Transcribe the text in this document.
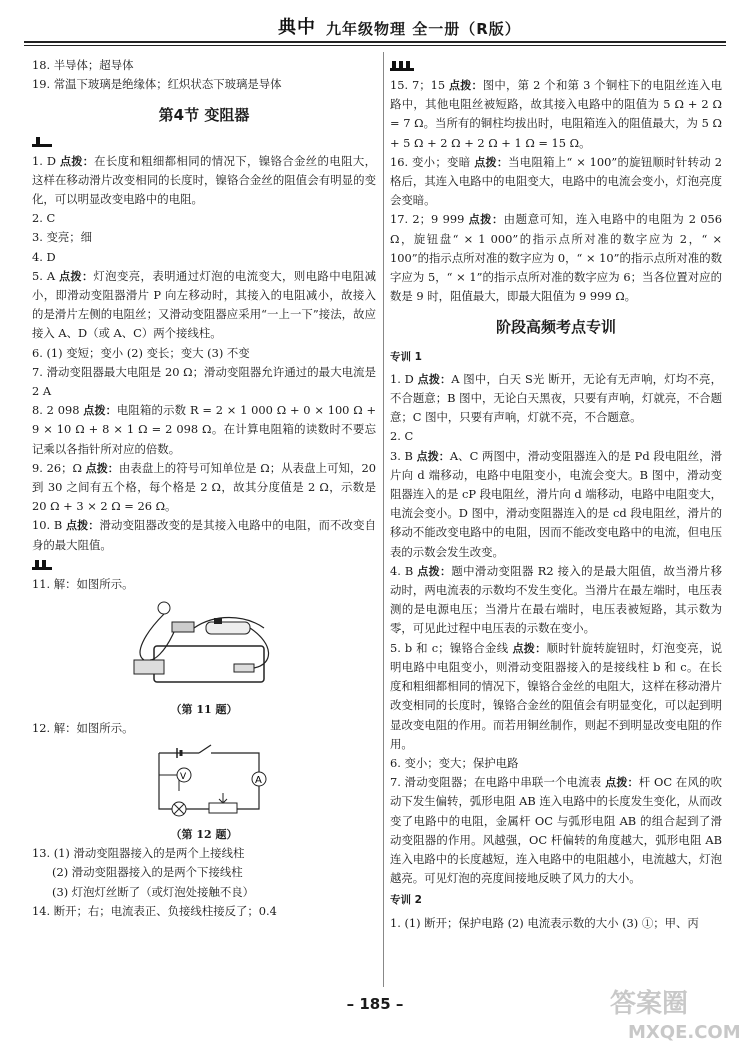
典 中 九年级物理 全一册（R版）

18. 半导体；超导体

19. 常温下玻璃是绝缘体；红炽状态下玻璃是导体

第4节 变阻器

1. D 点拨：在长度和粗细都相同的情况下，镍铬合金丝的电阻大，这样在移动滑片改变相同的长度时，镍铬合金丝的阻值会有明显的变化，可以明显改变电路中的电阻。

2. C

3. 变亮；细

4. D

5. A 点拨：灯泡变亮，表明通过灯泡的电流变大，则电路中电阻减小，即滑动变阻器滑片 P 向左移动时，其接入的电阻减小，故接入的是滑片左侧的电阻丝；又滑动变阻器应采用“一上一下”接法，故应接入 A、D（或 A、C）两个接线柱。

6. (1) 变短；变小 (2) 变长；变大 (3) 不变

7. 滑动变阻器最大电阻是 20 Ω；滑动变阻器允许通过的最大电流是 2 A

8. 2 098 点拨：电阻箱的示数 R = 2 × 1 000 Ω + 0 × 100 Ω + 9 × 10 Ω + 8 × 1 Ω = 2 098 Ω。在计算电阻箱的读数时不要忘记乘以各指针所对应的倍数。

9. 26；Ω 点拨：由表盘上的符号可知单位是 Ω；从表盘上可知，20 到 30 之间有五个格，每个格是 2 Ω，故其分度值是 2 Ω，示数是 20 Ω + 3 × 2 Ω = 26 Ω。

10. B 点拨：滑动变阻器改变的是其接入电路中的电阻，而不改变自身的最大阻值。

11. 解：如图所示。

（第 11 题）

12. 解：如图所示。

A
V
（第 12 题）

13. (1) 滑动变阻器接入的是两个上接线柱

(2) 滑动变阻器接入的是两个下接线柱

(3) 灯泡灯丝断了（或灯泡处接触不良）

14. 断开；右；电流表正、负接线柱接反了；0.4

15. 7；15 点拨：图中，第 2 个和第 3 个铜柱下的电阻丝连入电路中，其他电阻丝被短路，故其接入电路中的阻值为 5 Ω + 2 Ω = 7 Ω。当所有的铜柱均拔出时，电阻箱连入的阻值最大，为 5 Ω + 5 Ω + 2 Ω + 2 Ω + 1 Ω = 15 Ω。

16. 变小；变暗 点拨：当电阻箱上“ × 100”的旋钮顺时针转动 2 格后，其连入电路中的电阻变大，电路中的电流会变小，灯泡亮度会变暗。

17. 2；9 999 点拨：由题意可知，连入电路中的电阻为 2 056 Ω，旋钮盘“ × 1 000”的指示点所对准的数字应为 2，“ × 100”的指示点所对准的数字应为 0，“ × 10”的指示点所对准的数字应为 5，“ × 1”的指示点所对准的数字应为 6；当各位置对应的数是 9 时，阻值最大，即最大阻值为 9 999 Ω。

阶段高频考点专训
专训 1

1. D 点拨：A 图中，白天 S光 断开，无论有无声响，灯均不亮，不合题意；B 图中，无论白天黑夜，只要有声响，灯就亮，不合题意；C 图中，只要有声响，灯就不亮，不合题意。

2. C

3. B 点拨：A、C 两图中，滑动变阻器连入的是 Pd 段电阻丝，滑片向 d 端移动，电路中电阻变小，电流会变大。B 图中，滑动变阻器连入的是 cP 段电阻丝，滑片向 d 端移动，电路中电阻变大，电流会变小。D 图中，滑动变阻器连入的是 cd 段电阻丝，滑片的移动不能改变电路中的电阻，因而不能改变电路中的电流，但电压表的示数会发生改变。

4. B 点拨：题中滑动变阻器 R2 接入的是最大阻值，故当滑片移动时，两电流表的示数均不发生变化。当滑片在最左端时，电压表测的是电源电压；当滑片在最右端时，电压表被短路，其示数为零，可见此过程中电压表的示数在变小。

5. b 和 c；镍铬合金线 点拨：顺时针旋转旋钮时，灯泡变亮，说明电路中电阻变小，则滑动变阻器接入的是接线柱 b 和 c。在长度和粗细都相同的情况下，镍铬合金丝的电阻大，这样在移动滑片改变相同的长度时，镍铬合金丝的阻值会有明显变化，可以起到明显改变电阻的作用。而若用铜丝制作，则起不到明显改变电阻的作用。

6. 变小；变大；保护电路

7. 滑动变阻器；在电路中串联一个电流表 点拨：杆 OC 在风的吹动下发生偏转，弧形电阻 AB 连入电路中的长度发生变化，从而改变了电路中的电阻，金属杆 OC 与弧形电阻 AB 的组合起到了滑动变阻器的作用。风越强，OC 杆偏转的角度越大，弧形电阻 AB 连入电路中的长度越短，连入电路中的电阻越小，电流越大，灯泡越亮。可见灯泡的亮度间接地反映了风力的大小。

专训 2

1. (1) 断开；保护电路 (2) 电流表示数的大小 (3) ①；甲、丙

– 185 –	答案圈
MXQE.COM
